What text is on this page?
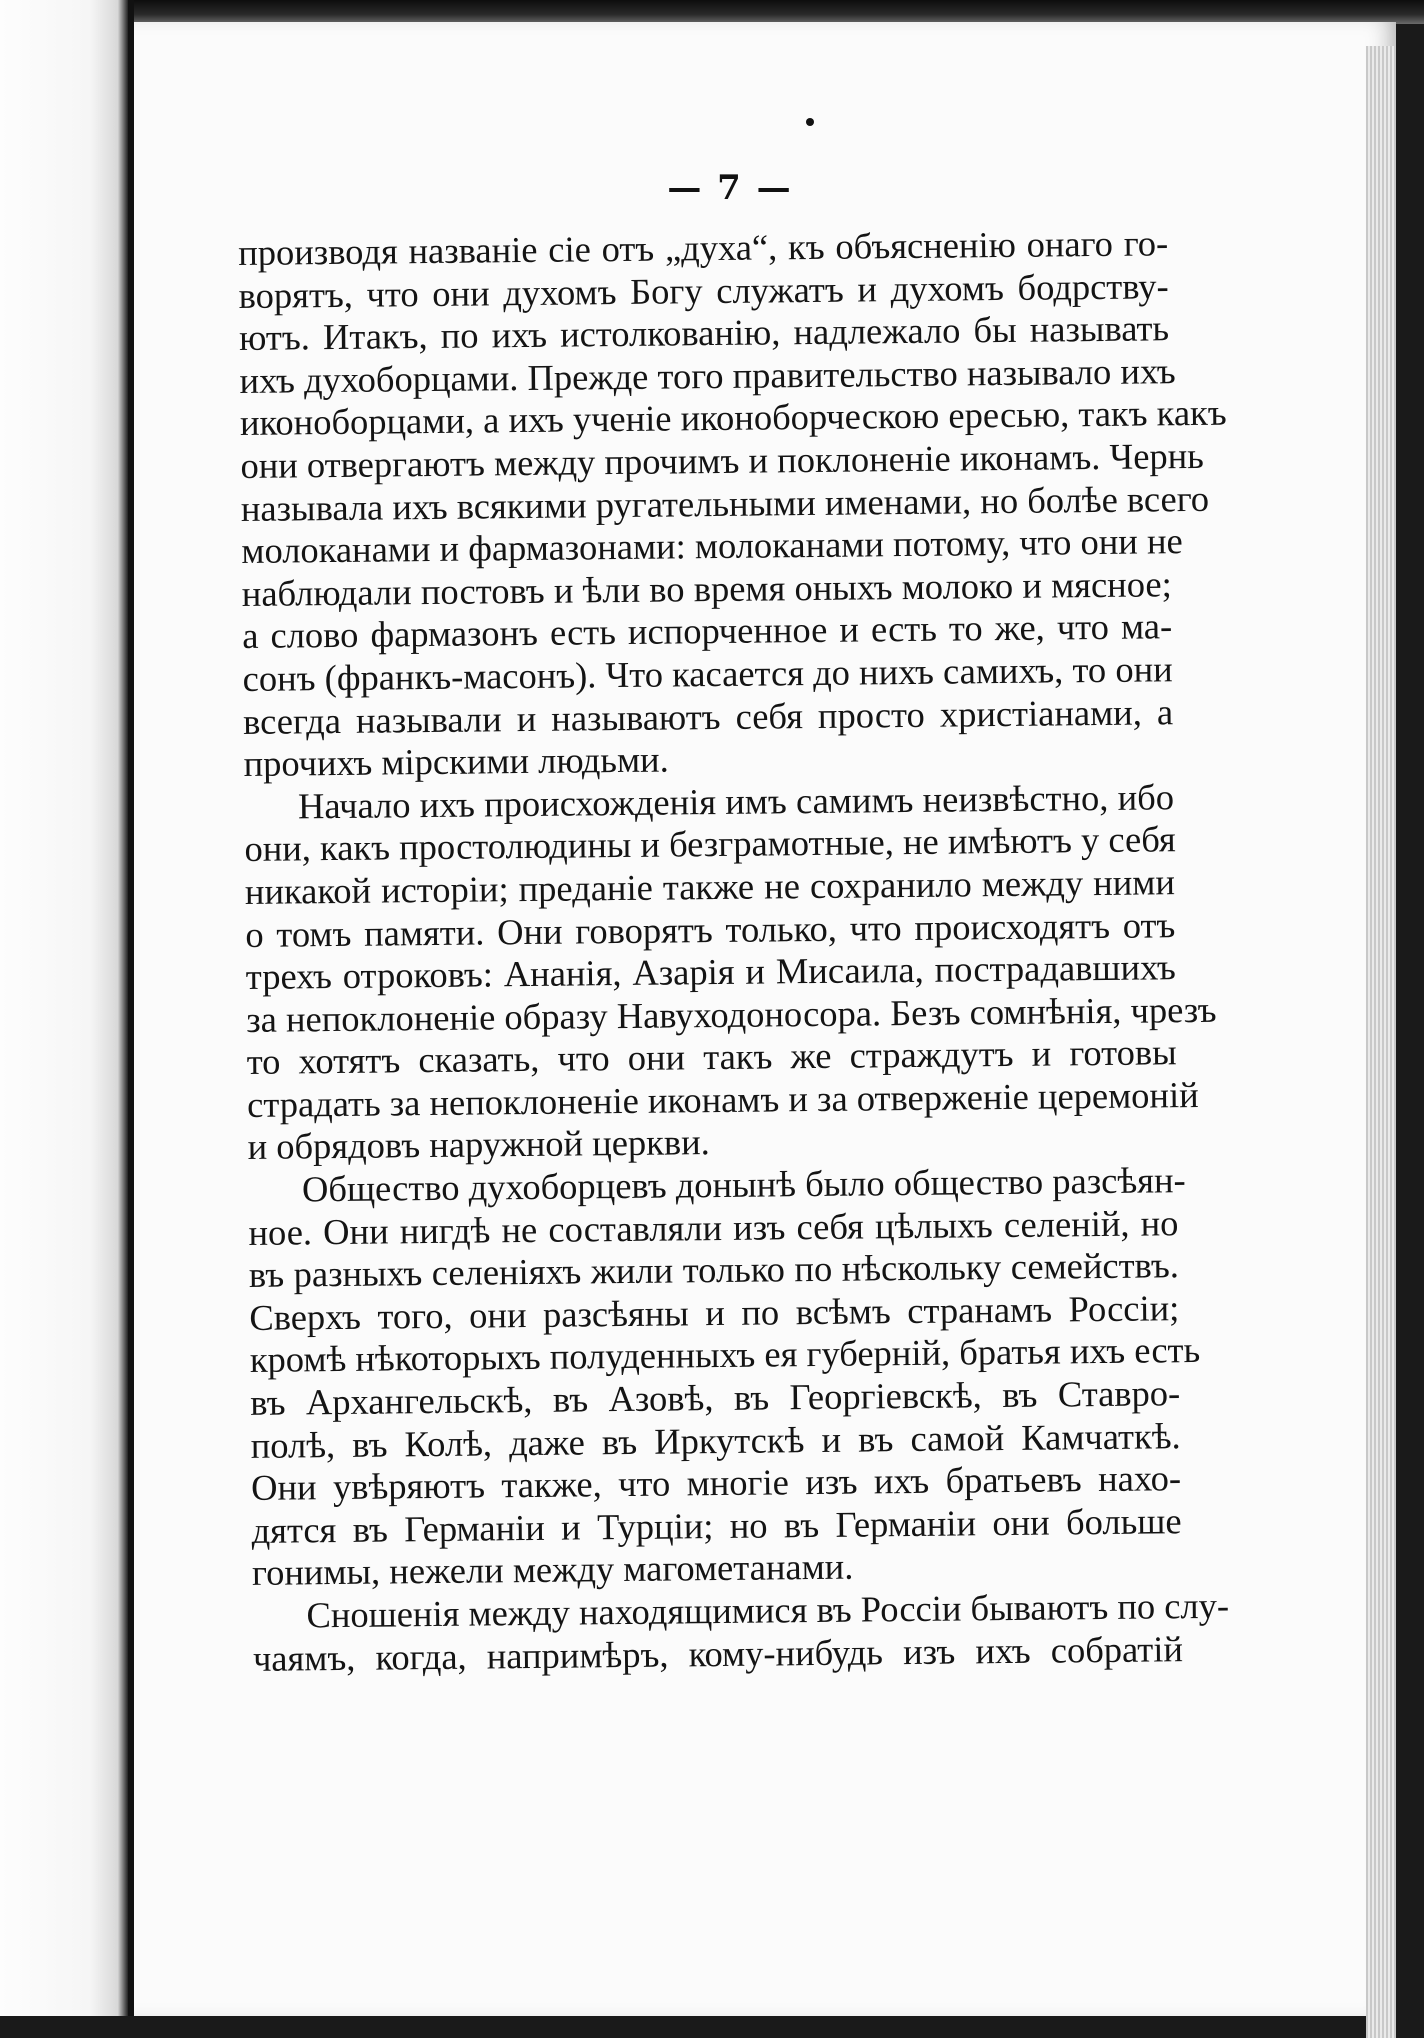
— 7 —
производя названіе сіе отъ „духа“, къ объясненію онаго го-
ворятъ, что они духомъ Богу служатъ и духомъ бодрству-
ютъ. Итакъ, по ихъ истолкованію, надлежало бы называть
ихъ духоборцами. Прежде того правительство называло ихъ
иконоборцами, а ихъ ученіе иконоборческою ересью, такъ какъ
они отвергаютъ между прочимъ и поклоненіе иконамъ. Чернь
называла ихъ всякими ругательными именами, но болѣе всего
молоканами и фармазонами: молоканами потому, что они не
наблюдали постовъ и ѣли во время оныхъ молоко и мясное;
а слово фармазонъ есть испорченное и есть то же, что ма-
сонъ (франкъ-масонъ). Что касается до нихъ самихъ, то они
всегда называли и называютъ себя просто христіанами, а
прочихъ мірскими людьми.
Начало ихъ происхожденія имъ самимъ неизвѣстно, ибо
они, какъ простолюдины и безграмотные, не имѣютъ у себя
никакой исторіи; преданіе также не сохранило между ними
о томъ памяти. Они говорятъ только, что происходятъ отъ
трехъ отроковъ: Ананія, Азарія и Мисаила, пострадавшихъ
за непоклоненіе образу Навуходоносора. Безъ сомнѣнія, чрезъ
то хотятъ сказать, что они такъ же страждутъ и готовы
страдать за непоклоненіе иконамъ и за отверженіе церемоній
и обрядовъ наружной церкви.
Общество духоборцевъ донынѣ было общество разсѣян-
ное. Они нигдѣ не составляли изъ себя цѣлыхъ селеній, но
въ разныхъ селеніяхъ жили только по нѣскольку семействъ.
Сверхъ того, они разсѣяны и по всѣмъ странамъ Россіи;
кромѣ нѣкоторыхъ полуденныхъ ея губерній, братья ихъ есть
въ Архангельскѣ, въ Азовѣ, въ Георгіевскѣ, въ Ставро-
полѣ, въ Колѣ, даже въ Иркутскѣ и въ самой Камчаткѣ.
Они увѣряютъ также, что многіе изъ ихъ братьевъ нахо-
дятся въ Германіи и Турціи; но въ Германіи они больше
гонимы, нежели между магометанами.
Сношенія между находящимися въ Россіи бываютъ по слу-
чаямъ, когда, напримѣръ, кому-нибудь изъ ихъ собратій
